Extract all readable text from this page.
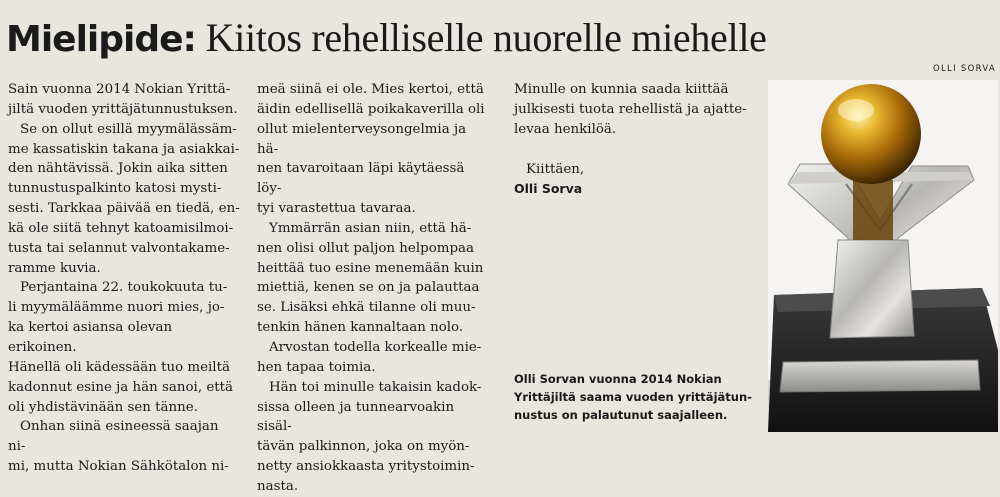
Mielipide: Kiitos rehelliselle nuorelle miehelle
OLLI SORVA

Sain vuonna 2014 Nokian Yrittä-

jiltä vuoden yrittäjätunnustuksen.

Se on ollut esillä myymälässäm-

me kassatiskin takana ja asiakkai-

den nähtävissä. Jokin aika sitten

tunnustuspalkinto katosi mysti-

sesti. Tarkkaa päivää en tiedä, en-

kä ole siitä tehnyt katoamisilmoi-

tusta tai selannut valvontakame-

ramme kuvia.

Perjantaina 22. toukokuuta tu-

li myymäläämme nuori mies, jo-

ka kertoi asiansa olevan erikoinen.

Hänellä oli kädessään tuo meiltä

kadonnut esine ja hän sanoi, että

oli yhdistävinään sen tänne.

Onhan siinä esineessä saajan ni-

mi, mutta Nokian Sähkötalon ni-

meä siinä ei ole. Mies kertoi, että

äidin edellisellä poikakaverilla oli

ollut mielenterveysongelmia ja hä-

nen tavaroitaan läpi käytäessä löy-

tyi varastettua tavaraa.

Ymmärrän asian niin, että hä-

nen olisi ollut paljon helpompaa

heittää tuo esine menemään kuin

miettiä, kenen se on ja palauttaa

se. Lisäksi ehkä tilanne oli muu-

tenkin hänen kannaltaan nolo.

Arvostan todella korkealle mie-

hen tapaa toimia.

Hän toi minulle takaisin kadok-

sissa olleen ja tunnearvoakin sisäl-

tävän palkinnon, joka on myön-

netty ansiokkaasta yritystoimin-

nasta.

Minulle on kunnia saada kiittää

julkisesti tuota rehellistä ja ajatte-

levaa henkilöä.

Kiittäen,

Olli Sorva

Olli Sorvan vuonna 2014 Nokian
Yrittäjiltä saama vuoden yrittäjätun-
nustus on palautunut saajalleen.
